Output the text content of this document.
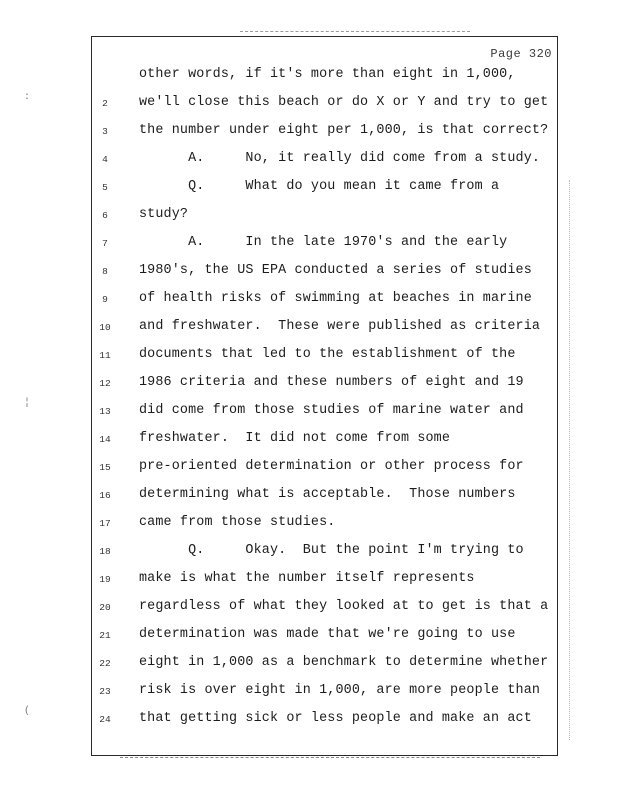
:
¦
(
Page 320
other words, if it's more than eight in 1,000,
2	we'll close this beach or do X or Y and try to get
3	the number under eight per 1,000, is that correct?
4	A.     No, it really did come from a study.
5	Q.     What do you mean it came from a
6	study?
7	A.     In the late 1970's and the early
8	1980's, the US EPA conducted a series of studies
9	of health risks of swimming at beaches in marine
10	and freshwater.  These were published as criteria
11	documents that led to the establishment of the
12	1986 criteria and these numbers of eight and 19
13	did come from those studies of marine water and
14	freshwater.  It did not come from some
15	pre-oriented determination or other process for
16	determining what is acceptable.  Those numbers
17	came from those studies.
18	Q.     Okay.  But the point I'm trying to
19	make is what the number itself represents
20	regardless of what they looked at to get is that a
21	determination was made that we're going to use
22	eight in 1,000 as a benchmark to determine whether
23	risk is over eight in 1,000, are more people than
24	that getting sick or less people and make an act
